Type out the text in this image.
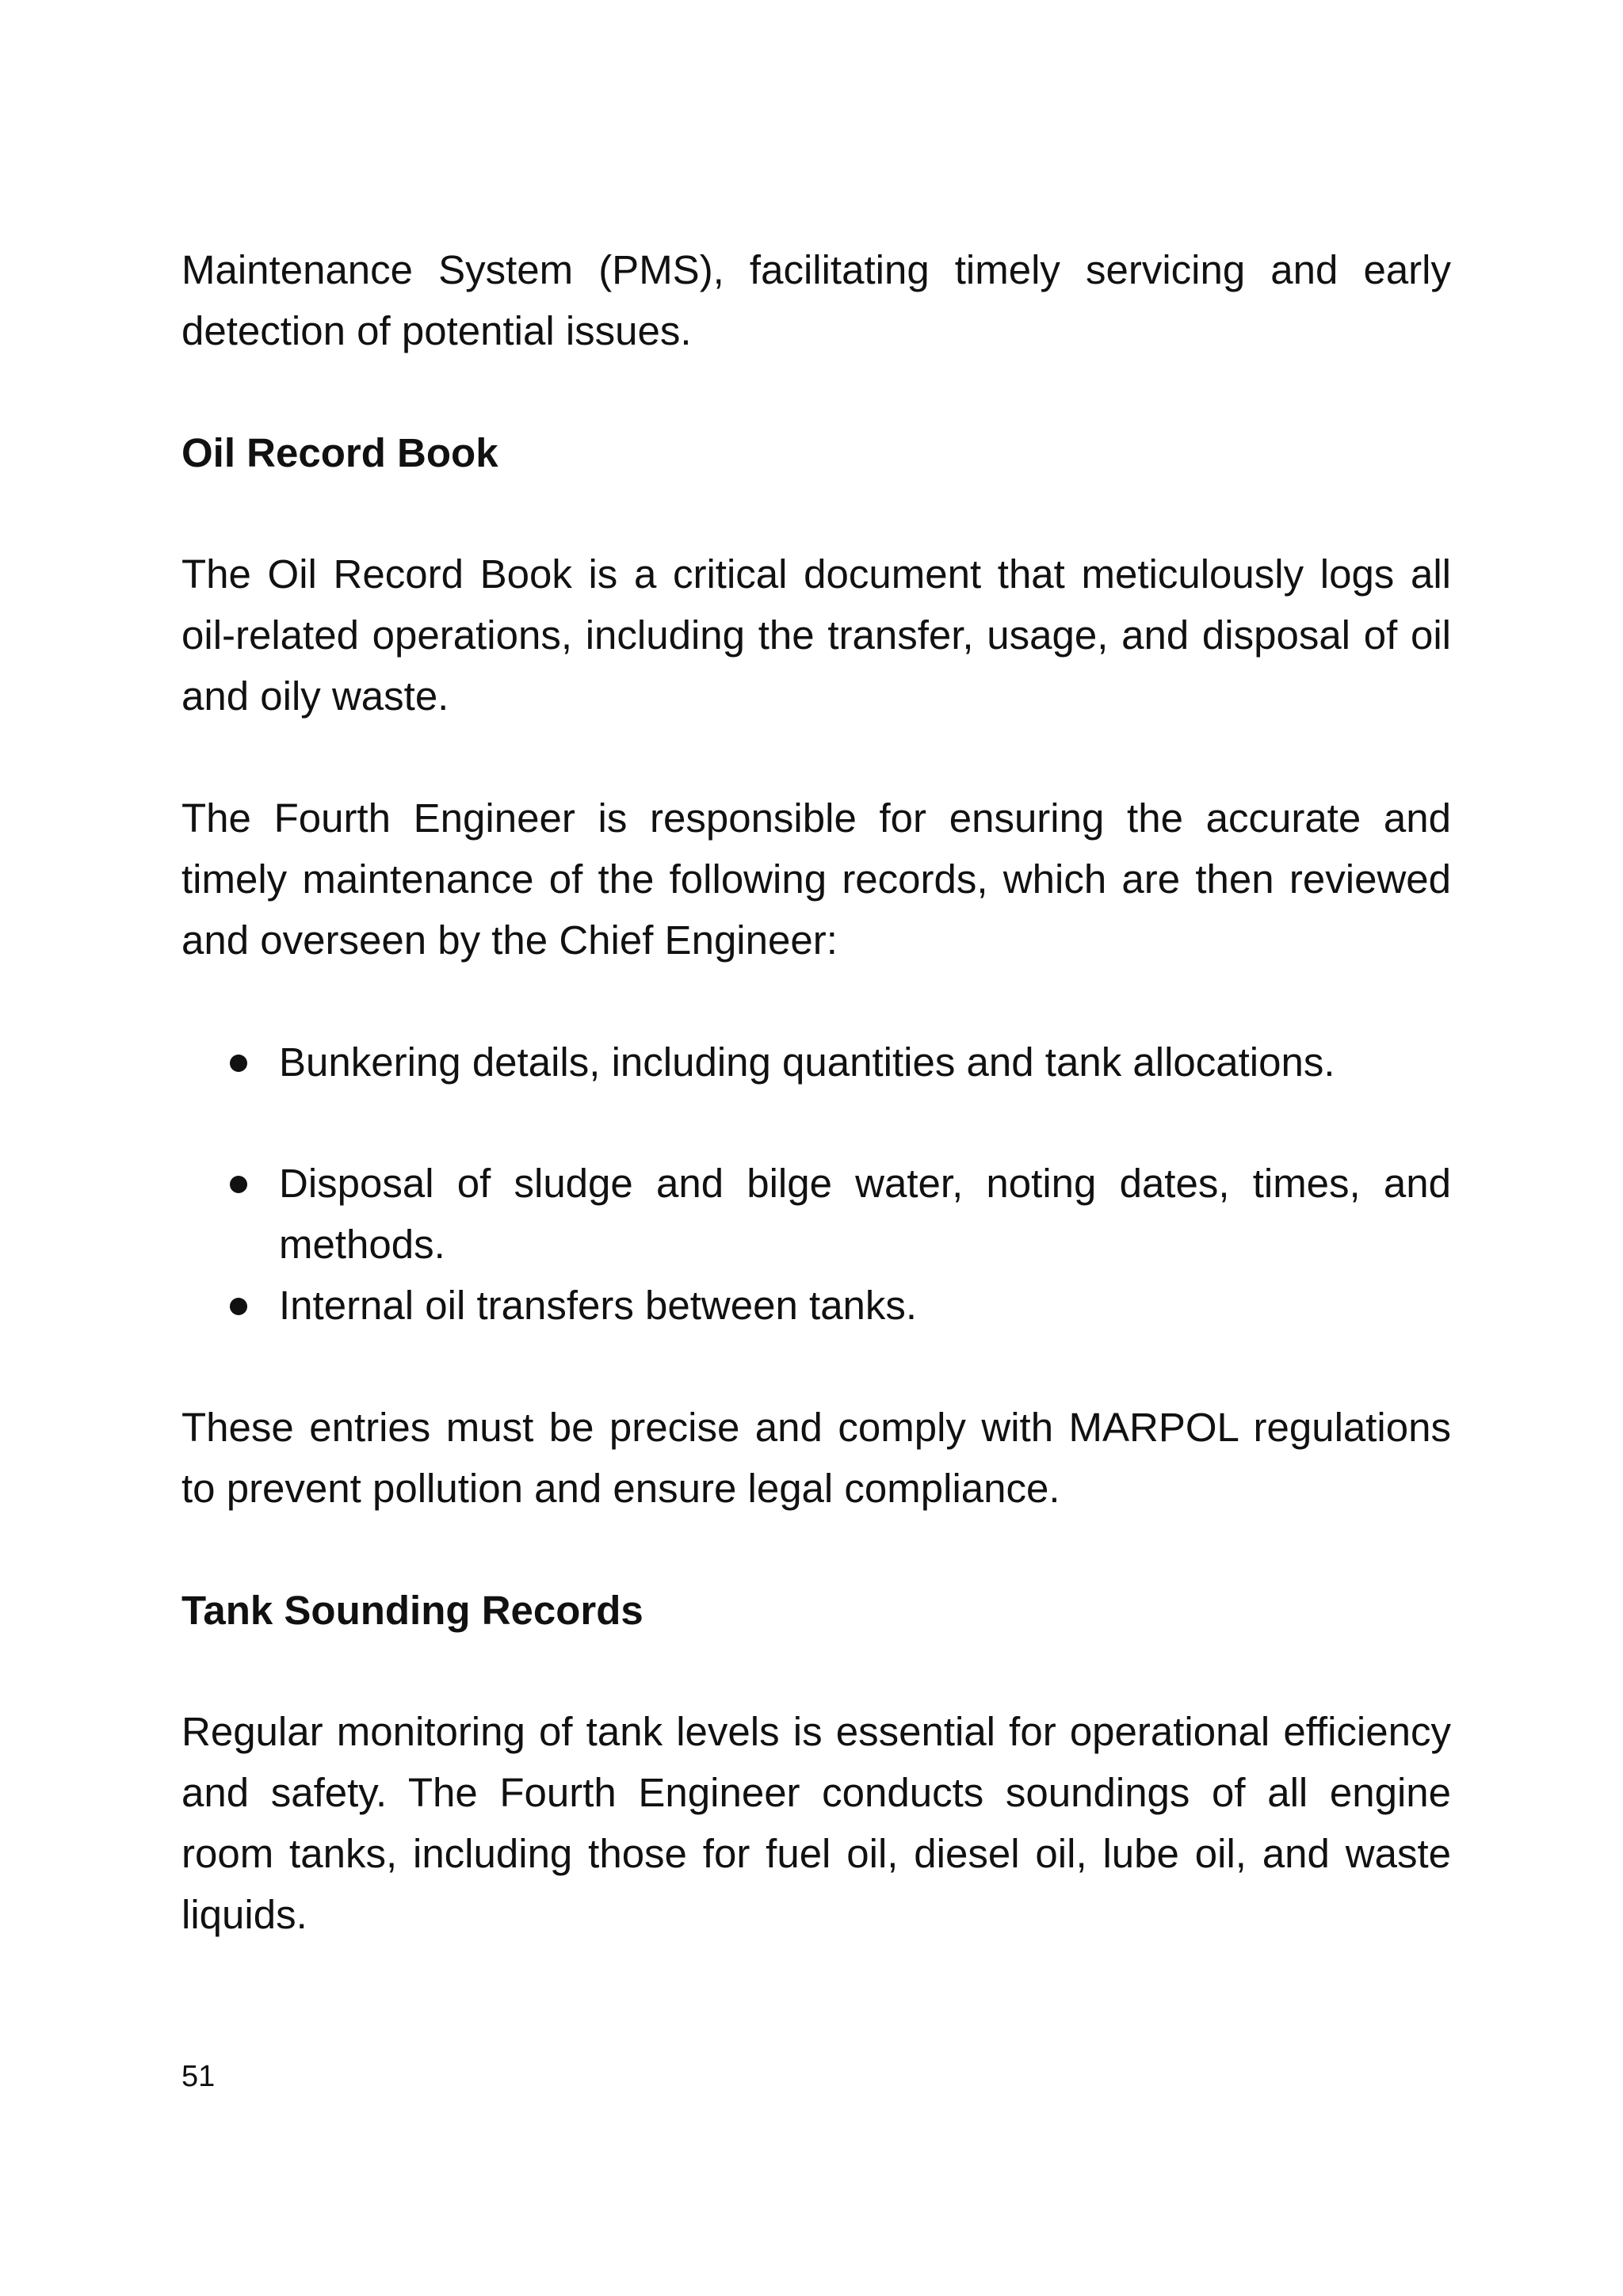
Maintenance System (PMS), facilitating timely servicing and early detection of potential issues.

Oil Record Book

The Oil Record Book is a critical document that meticulously logs all oil-related operations, including the transfer, usage, and disposal of oil and oily waste.

The Fourth Engineer is responsible for ensuring the accurate and timely maintenance of the following records, which are then reviewed and overseen by the Chief Engineer:

Bunkering details, including quantities and tank allocations.

Disposal of sludge and bilge water, noting dates, times, and methods.

Internal oil transfers between tanks.

These entries must be precise and comply with MARPOL regulations to prevent pollution and ensure legal compliance.

Tank Sounding Records

Regular monitoring of tank levels is essential for operational efficiency and safety. The Fourth Engineer conducts soundings of all engine room tanks, including those for fuel oil, diesel oil, lube oil, and waste liquids.

51
